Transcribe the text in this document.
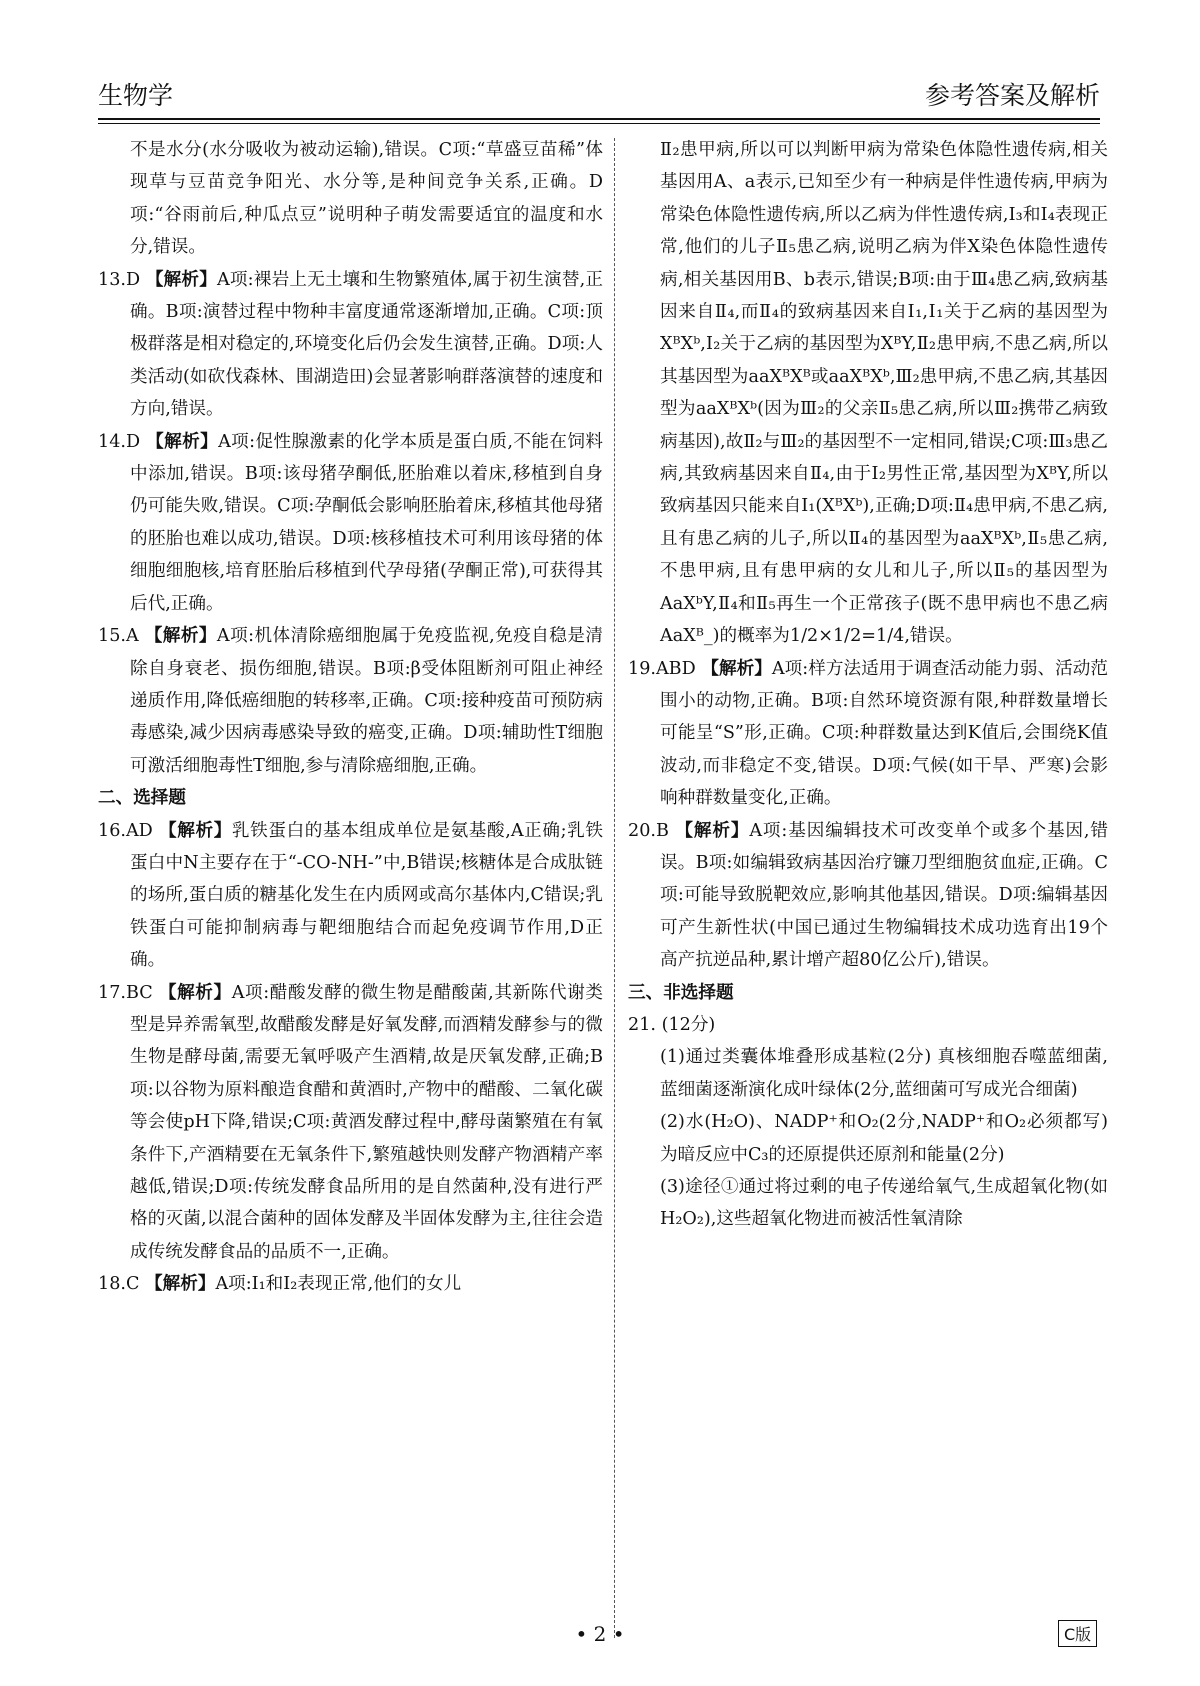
生物学	参考答案及解析

不是水分(水分吸收为被动运输),错误。C项:“草盛豆苗稀”体现草与豆苗竞争阳光、水分等,是种间竞争关系,正确。D项:“谷雨前后,种瓜点豆”说明种子萌发需要适宜的温度和水分,错误。

13.D 【解析】A项:裸岩上无土壤和生物繁殖体,属于初生演替,正确。B项:演替过程中物种丰富度通常逐渐增加,正确。C项:顶极群落是相对稳定的,环境变化后仍会发生演替,正确。D项:人类活动(如砍伐森林、围湖造田)会显著影响群落演替的速度和方向,错误。

14.D 【解析】A项:促性腺激素的化学本质是蛋白质,不能在饲料中添加,错误。B项:该母猪孕酮低,胚胎难以着床,移植到自身仍可能失败,错误。C项:孕酮低会影响胚胎着床,移植其他母猪的胚胎也难以成功,错误。D项:核移植技术可利用该母猪的体细胞细胞核,培育胚胎后移植到代孕母猪(孕酮正常),可获得其后代,正确。

15.A 【解析】A项:机体清除癌细胞属于免疫监视,免疫自稳是清除自身衰老、损伤细胞,错误。B项:β受体阻断剂可阻止神经递质作用,降低癌细胞的转移率,正确。C项:接种疫苗可预防病毒感染,减少因病毒感染导致的癌变,正确。D项:辅助性T细胞可激活细胞毒性T细胞,参与清除癌细胞,正确。

二、选择题

16.AD 【解析】乳铁蛋白的基本组成单位是氨基酸,A正确;乳铁蛋白中N主要存在于“-CO-NH-”中,B错误;核糖体是合成肽链的场所,蛋白质的糖基化发生在内质网或高尔基体内,C错误;乳铁蛋白可能抑制病毒与靶细胞结合而起免疫调节作用,D正确。

17.BC 【解析】A项:醋酸发酵的微生物是醋酸菌,其新陈代谢类型是异养需氧型,故醋酸发酵是好氧发酵,而酒精发酵参与的微生物是酵母菌,需要无氧呼吸产生酒精,故是厌氧发酵,正确;B项:以谷物为原料酿造食醋和黄酒时,产物中的醋酸、二氧化碳等会使pH下降,错误;C项:黄酒发酵过程中,酵母菌繁殖在有氧条件下,产酒精要在无氧条件下,繁殖越快则发酵产物酒精产率越低,错误;D项:传统发酵食品所用的是自然菌种,没有进行严格的灭菌,以混合菌种的固体发酵及半固体发酵为主,往往会造成传统发酵食品的品质不一,正确。

18.C 【解析】A项:Ⅰ₁和Ⅰ₂表现正常,他们的女儿

Ⅱ₂患甲病,所以可以判断甲病为常染色体隐性遗传病,相关基因用A、a表示,已知至少有一种病是伴性遗传病,甲病为常染色体隐性遗传病,所以乙病为伴性遗传病,Ⅰ₃和Ⅰ₄表现正常,他们的儿子Ⅱ₅患乙病,说明乙病为伴X染色体隐性遗传病,相关基因用B、b表示,错误;B项:由于Ⅲ₄患乙病,致病基因来自Ⅱ₄,而Ⅱ₄的致病基因来自Ⅰ₁,Ⅰ₁关于乙病的基因型为XᴮXᵇ,Ⅰ₂关于乙病的基因型为XᴮY,Ⅱ₂患甲病,不患乙病,所以其基因型为aaXᴮXᴮ或aaXᴮXᵇ,Ⅲ₂患甲病,不患乙病,其基因型为aaXᴮXᵇ(因为Ⅲ₂的父亲Ⅱ₅患乙病,所以Ⅲ₂携带乙病致病基因),故Ⅱ₂与Ⅲ₂的基因型不一定相同,错误;C项:Ⅲ₃患乙病,其致病基因来自Ⅱ₄,由于Ⅰ₂男性正常,基因型为XᴮY,所以致病基因只能来自Ⅰ₁(XᴮXᵇ),正确;D项:Ⅱ₄患甲病,不患乙病,且有患乙病的儿子,所以Ⅱ₄的基因型为aaXᴮXᵇ,Ⅱ₅患乙病,不患甲病,且有患甲病的女儿和儿子,所以Ⅱ₅的基因型为AaXᵇY,Ⅱ₄和Ⅱ₅再生一个正常孩子(既不患甲病也不患乙病AaXᴮ_)的概率为1/2×1/2=1/4,错误。

19.ABD 【解析】A项:样方法适用于调查活动能力弱、活动范围小的动物,正确。B项:自然环境资源有限,种群数量增长可能呈“S”形,正确。C项:种群数量达到K值后,会围绕K值波动,而非稳定不变,错误。D项:气候(如干旱、严寒)会影响种群数量变化,正确。

20.B 【解析】A项:基因编辑技术可改变单个或多个基因,错误。B项:如编辑致病基因治疗镰刀型细胞贫血症,正确。C项:可能导致脱靶效应,影响其他基因,错误。D项:编辑基因可产生新性状(中国已通过生物编辑技术成功选育出19个高产抗逆品种,累计增产超80亿公斤),错误。

三、非选择题

21. (12分)

(1)通过类囊体堆叠形成基粒(2分) 真核细胞吞噬蓝细菌,蓝细菌逐渐演化成叶绿体(2分,蓝细菌可写成光合细菌)

(2)水(H₂O)、NADP⁺和O₂(2分,NADP⁺和O₂必须都写) 为暗反应中C₃的还原提供还原剂和能量(2分)

(3)途径①通过将过剩的电子传递给氧气,生成超氧化物(如H₂O₂),这些超氧化物进而被活性氧清除

• 2 •	C版
